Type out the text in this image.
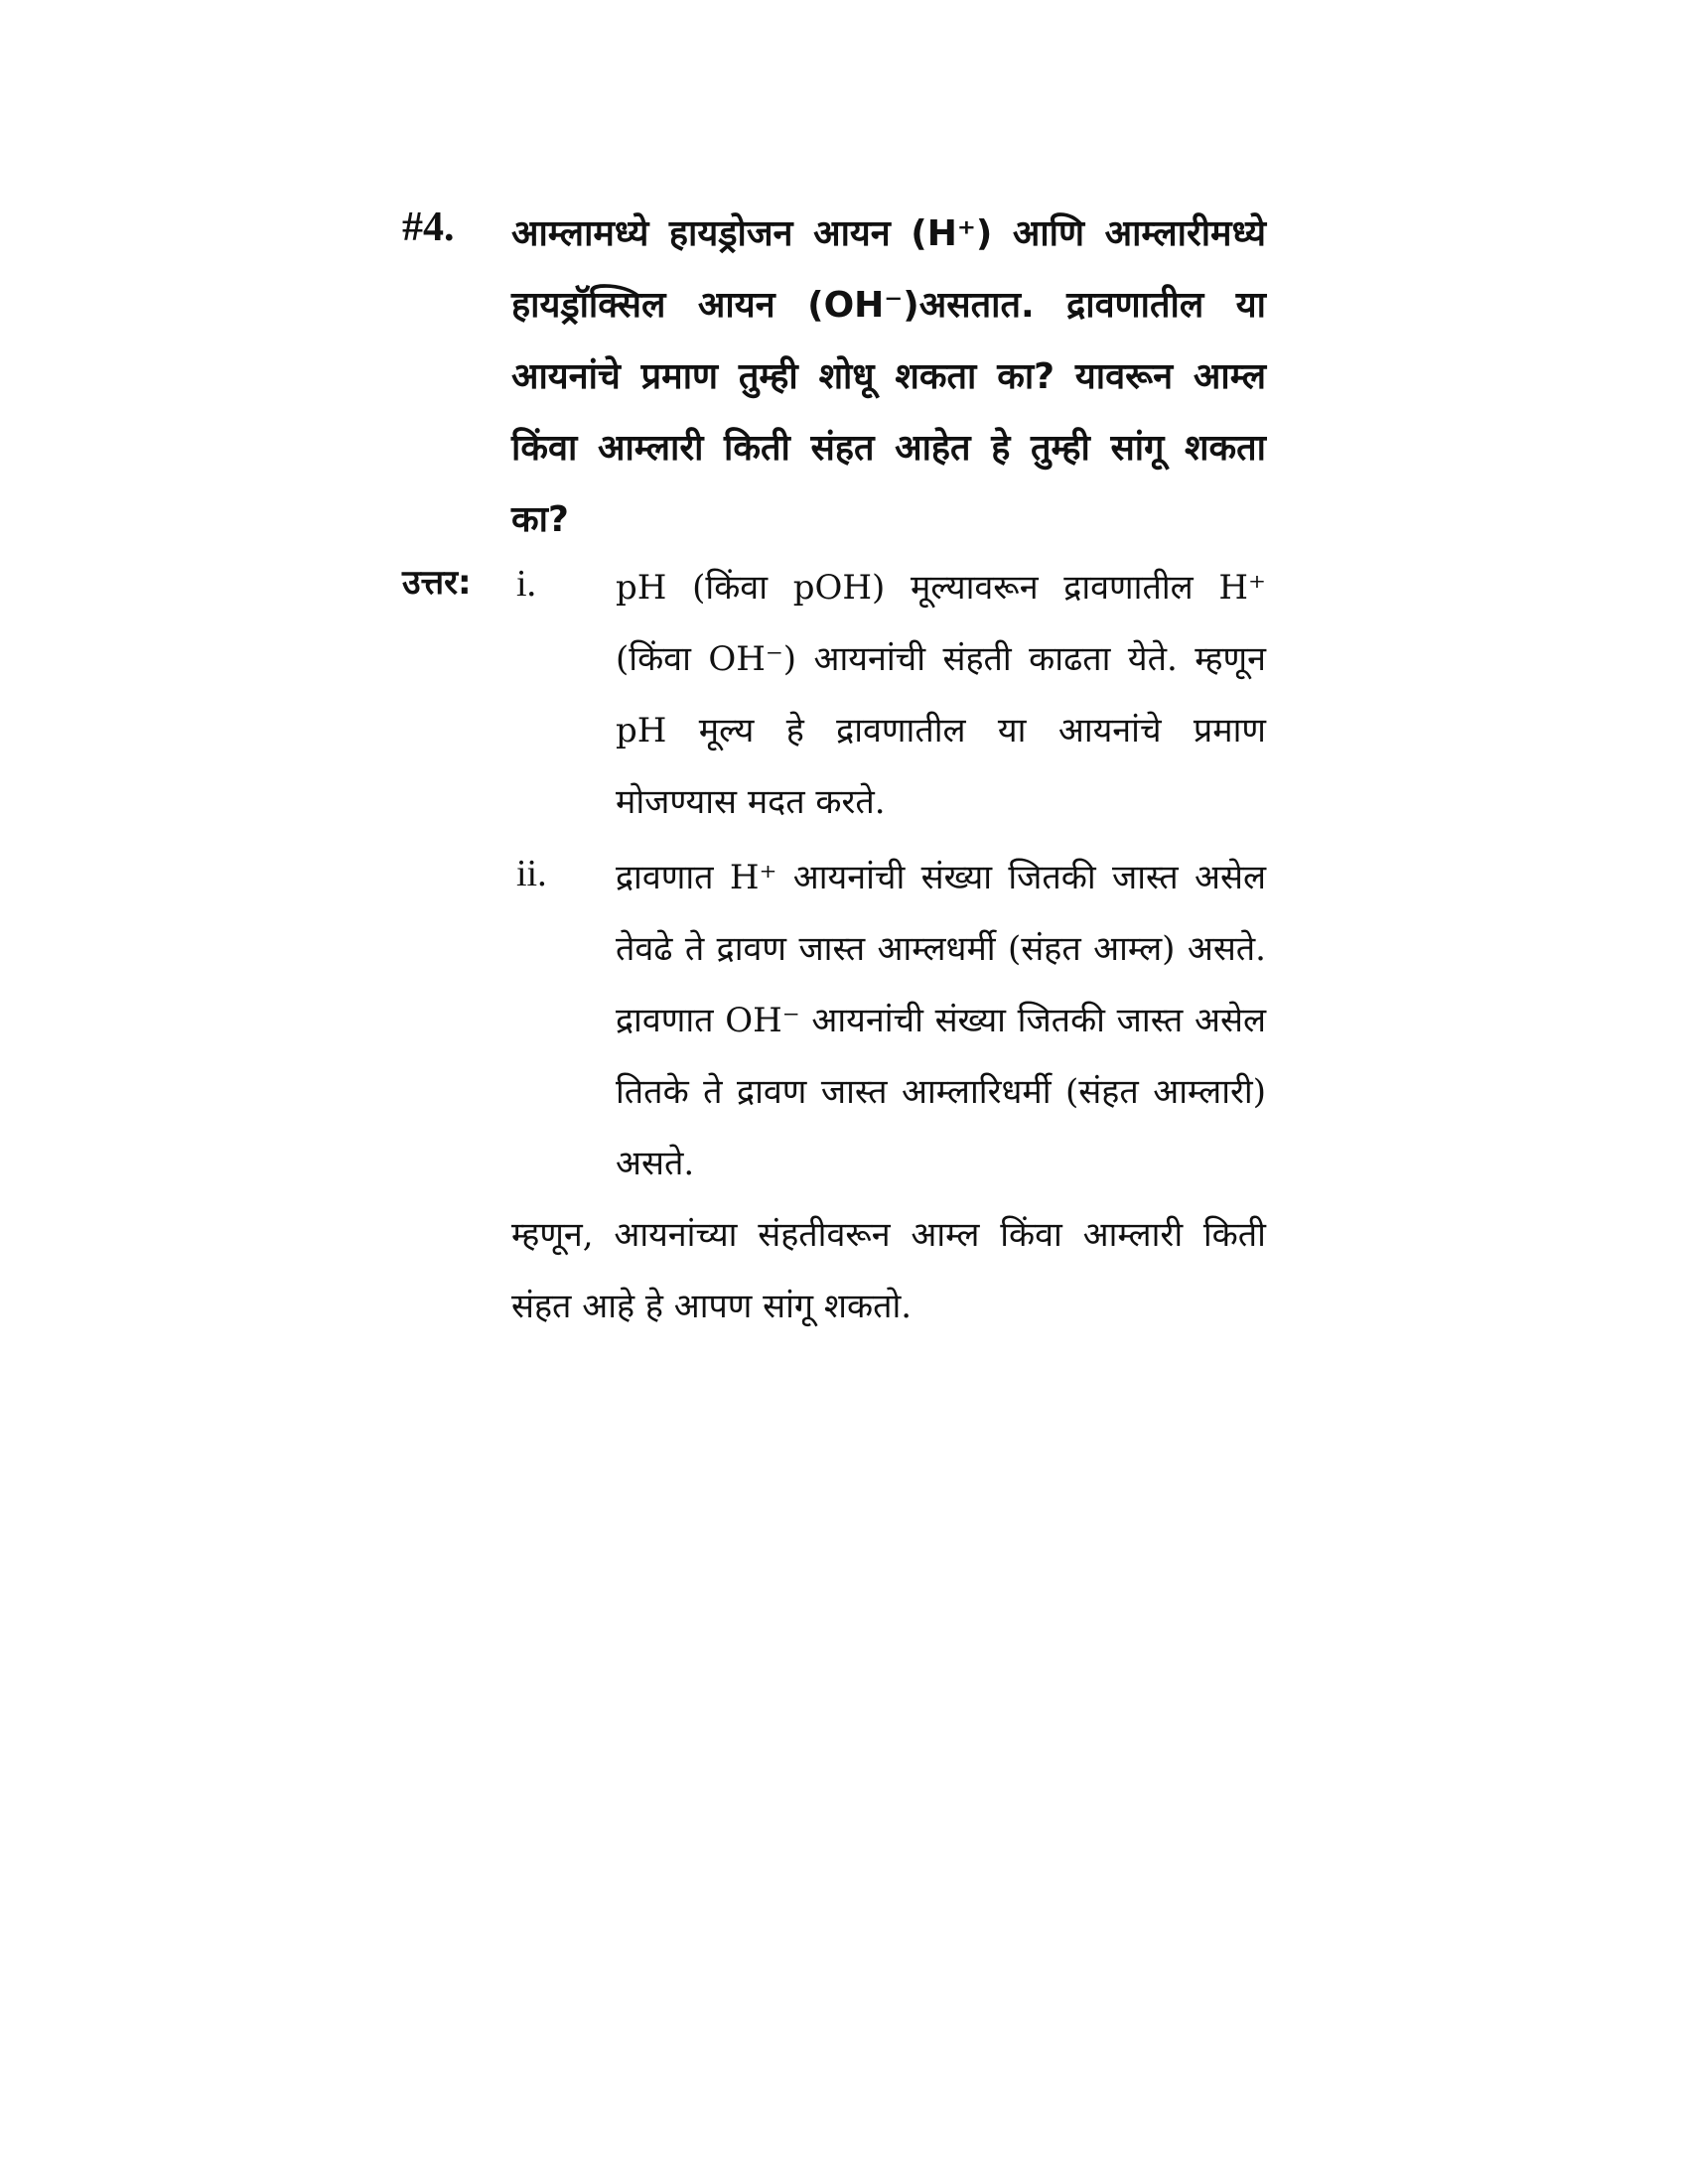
#4. आम्लामध्ये हायड्रोजन आयन (H⁺) आणि आम्लारीमध्ये हायड्रॉक्सिल आयन (OH⁻)असतात. द्रावणातील या आयनांचे प्रमाण तुम्ही शोधू शकता का? यावरून आम्ल किंवा आम्लारी किती संहत आहेत हे तुम्ही सांगू शकता का?
उत्तर: i. pH (किंवा pOH) मूल्यावरून द्रावणातील H⁺ (किंवा OH⁻) आयनांची संहती काढता येते. म्हणून pH मूल्य हे द्रावणातील या आयनांचे प्रमाण मोजण्यास मदत करते.
ii. द्रावणात H⁺ आयनांची संख्या जितकी जास्त असेल तेवढे ते द्रावण जास्त आम्लधर्मी (संहत आम्ल) असते. द्रावणात OH⁻ आयनांची संख्या जितकी जास्त असेल तितके ते द्रावण जास्त आम्लारिधर्मी (संहत आम्लारी) असते.
म्हणून, आयनांच्या संहतीवरून आम्ल किंवा आम्लारी किती संहत आहे हे आपण सांगू शकतो.
